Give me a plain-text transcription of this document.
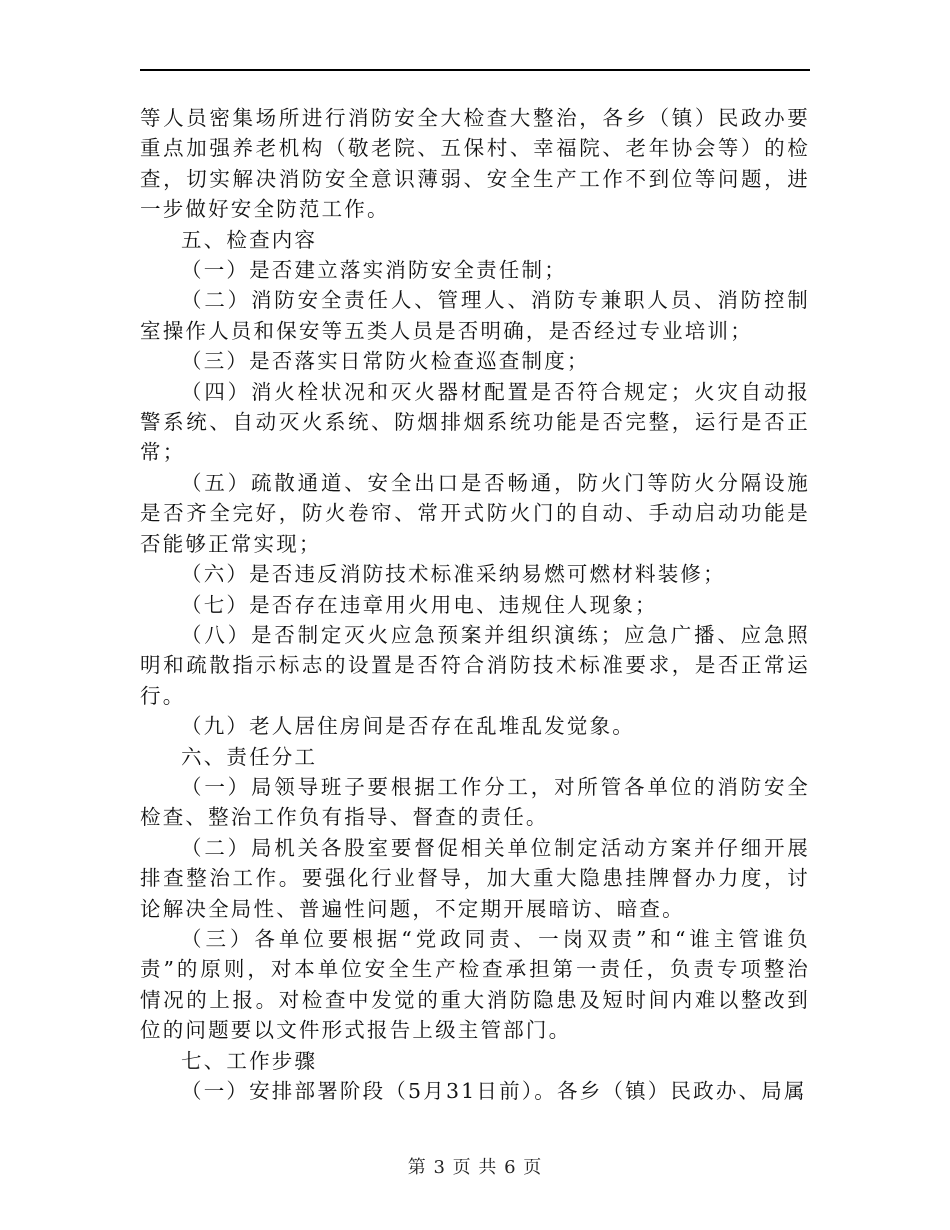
等人员密集场所进行消防安全大检查大整治，各乡（镇）民政办要重点加强养老机构（敬老院、五保村、幸福院、老年协会等）的检查，切实解决消防安全意识薄弱、安全生产工作不到位等问题，进一步做好安全防范工作。

五、检查内容

（一）是否建立落实消防安全责任制；

（二）消防安全责任人、管理人、消防专兼职人员、消防控制室操作人员和保安等五类人员是否明确，是否经过专业培训；

（三）是否落实日常防火检查巡查制度；

（四）消火栓状况和灭火器材配置是否符合规定；火灾自动报警系统、自动灭火系统、防烟排烟系统功能是否完整，运行是否正常；

（五）疏散通道、安全出口是否畅通，防火门等防火分隔设施是否齐全完好，防火卷帘、常开式防火门的自动、手动启动功能是否能够正常实现；

（六）是否违反消防技术标准采纳易燃可燃材料装修；

（七）是否存在违章用火用电、违规住人现象；

（八）是否制定灭火应急预案并组织演练；应急广播、应急照明和疏散指示标志的设置是否符合消防技术标准要求，是否正常运行。

（九）老人居住房间是否存在乱堆乱发觉象。

六、责任分工

（一）局领导班子要根据工作分工，对所管各单位的消防安全检查、整治工作负有指导、督查的责任。

（二）局机关各股室要督促相关单位制定活动方案并仔细开展排查整治工作。要强化行业督导，加大重大隐患挂牌督办力度，讨论解决全局性、普遍性问题，不定期开展暗访、暗查。

（三）各单位要根据“党政同责、一岗双责”和“谁主管谁负责”的原则，对本单位安全生产检查承担第一责任，负责专项整治情况的上报。对检查中发觉的重大消防隐患及短时间内难以整改到位的问题要以文件形式报告上级主管部门。

七、工作步骤

（一）安排部署阶段（5月31日前）。各乡（镇）民政办、局属

第 3 页 共 6 页
